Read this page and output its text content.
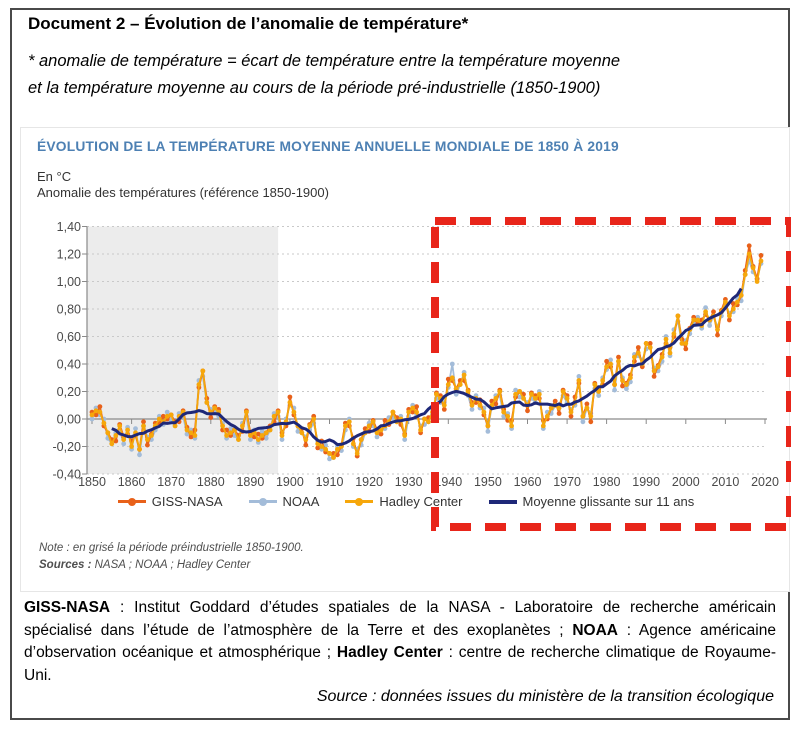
Document 2 – Évolution de l’anomalie de température*
* anomalie de température = écart de température entre la température moyenne
et la température moyenne au cours de la période pré-industrielle (1850-1900)
ÉVOLUTION DE LA TEMPÉRATURE MOYENNE ANNUELLE MONDIALE DE 1850 À 2019
En °C
Anomalie des températures (référence 1850-1900)
1,40
1,20
1,00
0,80
0,60
0,40
0,20
0,00
-0,20
-0,40
1850 1860 1870 1880 1890 1900 1910 1920 1930 1940 1950 1960 1970 1980 1990 2000 2010 2020
GISS-NASA	NOAA	Hadley Center	Moyenne glissante sur 11 ans
Note : en grisé la période préindustrielle 1850-1900.
Sources : NASA ; NOAA ; Hadley Center
GISS-NASA : Institut Goddard d’études spatiales de la NASA - Laboratoire de recherche américain spécialisé dans l’étude de l’atmosphère de la Terre et des exoplanètes ; NOAA : Agence américaine d’observation océanique et atmosphérique ; Hadley Center : centre de recherche climatique de Royaume-Uni.
Source : données issues du ministère de la transition écologique
